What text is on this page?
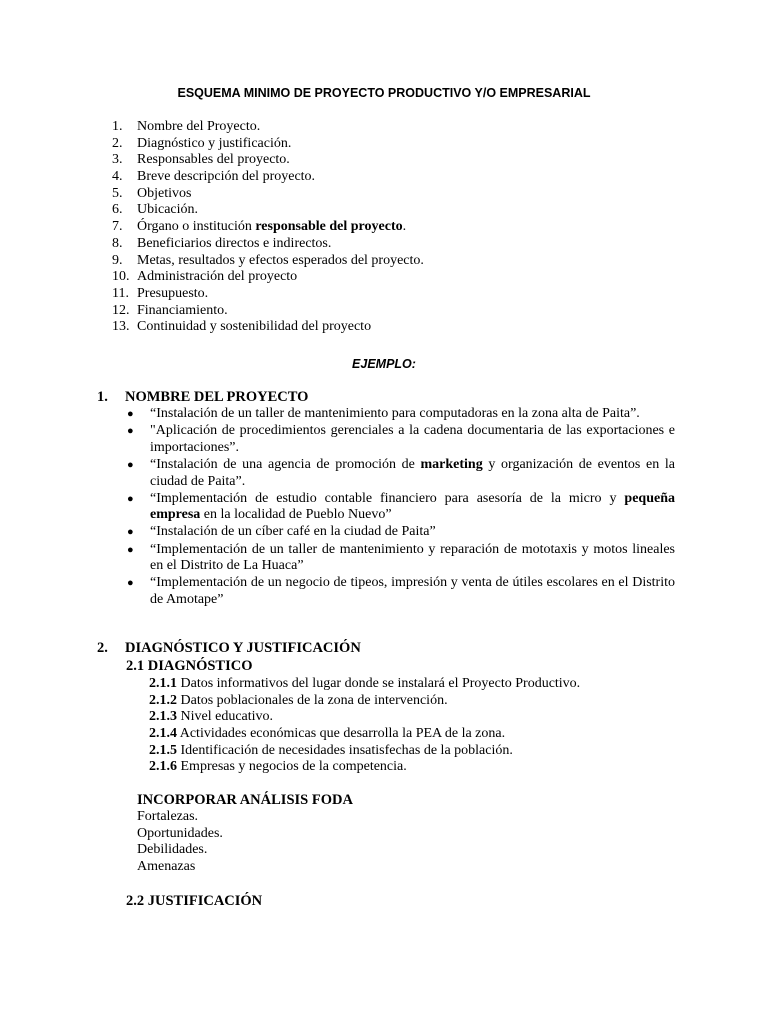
ESQUEMA MINIMO DE PROYECTO PRODUCTIVO Y/O EMPRESARIAL
1.	Nombre del Proyecto.
2.	Diagnóstico y justificación.
3.	Responsables del proyecto.
4.	Breve descripción del proyecto.
5.	Objetivos
6.	Ubicación.
7.	Órgano o institución responsable del proyecto.
8.	Beneficiarios directos e indirectos.
9.	Metas, resultados y efectos esperados del proyecto.
10. Administración del proyecto
11. Presupuesto.
12. Financiamiento.
13. Continuidad y sostenibilidad del proyecto
EJEMPLO:
1. NOMBRE DEL PROYECTO
● “Instalación de un taller de mantenimiento para computadoras en la zona alta de Paita”.
● "Aplicación de procedimientos gerenciales a la cadena documentaria de las exportaciones e importaciones”.
● “Instalación de una agencia de promoción de marketing y organización de eventos en la ciudad de Paita”.
● “Implementación de estudio contable financiero para asesoría de la micro y pequeña empresa en la localidad de Pueblo Nuevo”
● “Instalación de un cíber café en la ciudad de Paita”
● “Implementación de un taller de mantenimiento y reparación de mototaxis y motos lineales en el Distrito de La Huaca”
● “Implementación de un negocio de tipeos, impresión y venta de útiles escolares en el Distrito de Amotape”
2. DIAGNÓSTICO Y JUSTIFICACIÓN
2.1 DIAGNÓSTICO
2.1.1 Datos informativos del lugar donde se instalará el Proyecto Productivo.
2.1.2 Datos poblacionales de la zona de intervención.
2.1.3 Nivel educativo.
2.1.4 Actividades económicas que desarrolla la PEA de la zona.
2.1.5 Identificación de necesidades insatisfechas de la población.
2.1.6 Empresas y negocios de la competencia.
INCORPORAR ANÁLISIS FODA
Fortalezas.
Oportunidades.
Debilidades.
Amenazas
2.2 JUSTIFICACIÓN
